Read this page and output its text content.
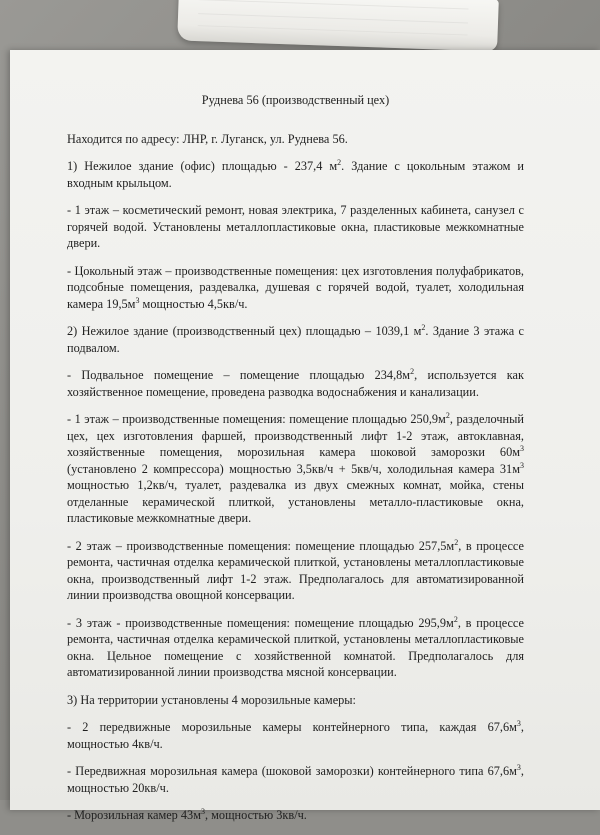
Руднева 56 (производственный цех)

Находится по адресу: ЛНР, г. Луганск, ул. Руднева 56.

1) Нежилое здание (офис) площадью - 237,4 $м^2$. Здание с цокольным этажом и входным крыльцом.

- 1 этаж – косметический ремонт, новая электрика, 7 разделенных кабинета, санузел с горячей водой. Установлены металлопластиковые окна, пластиковые межкомнатные двери.

- Цокольный этаж – производственные помещения: цех изготовления полуфабрикатов, подсобные помещения, раздевалка, душевая с горячей водой, туалет, холодильная камера $19,5м^3$ мощностью 4,5кв/ч.

2) Нежилое здание (производственный цех) площадью – 1039,1 $м^2$. Здание 3 этажа с подвалом.

- Подвальное помещение – помещение площадью $234,8м^2$, используется как хозяйственное помещение, проведена разводка водоснабжения и канализации.

- 1 этаж – производственные помещения: помещение площадью $250,9м^2$, разделочный цех, цех изготовления фаршей, производственный лифт 1-2 этаж, автоклавная, хозяйственные помещения, морозильная камера шоковой заморозки $60м^3$ (установлено 2 компрессора) мощностью 3,5кв/ч + 5кв/ч, холодильная камера $31м^3$ мощностью 1,2кв/ч, туалет, раздевалка из двух смежных комнат, мойка, стены отделанные керамической плиткой, установлены металло-пластиковые окна, пластиковые межкомнатные двери.

- 2 этаж – производственные помещения: помещение площадью $257,5м^2$, в процессе ремонта, частичная отделка керамической плиткой, установлены металлопластиковые окна, производственный лифт 1-2 этаж. Предполагалось для автоматизированной линии производства овощной консервации.

- 3 этаж - производственные помещения: помещение площадью $295,9м^2$, в процессе ремонта, частичная отделка керамической плиткой, установлены металлопластиковые окна. Цельное помещение с хозяйственной комнатой. Предполагалось для автоматизированной линии производства мясной консервации.

3) На территории установлены 4 морозильные камеры:

- 2 передвижные морозильные камеры контейнерного типа, каждая $67,6м^3$, мощностью 4кв/ч.

- Передвижная морозильная камера (шоковой заморозки) контейнерного типа $67,6м^3$, мощностью 20кв/ч.

- Морозильная камер $43м^3$, мощностью 3кв/ч.
